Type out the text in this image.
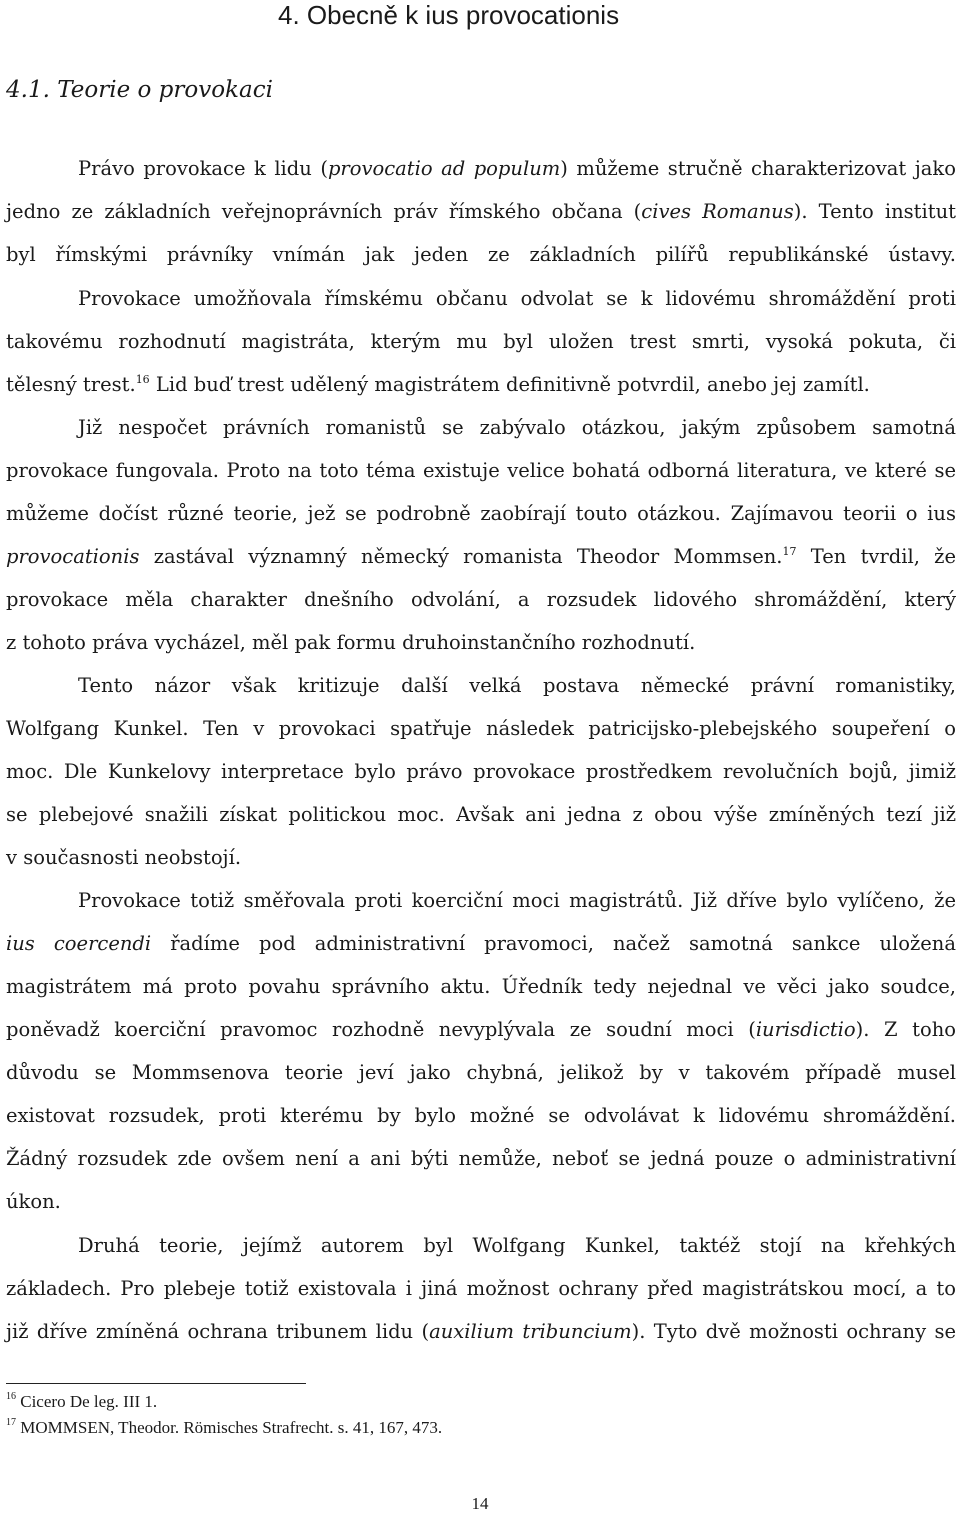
4. Obecně k ius provocationis
4.1. Teorie o provokaci
Právo provokace k lidu (provocatio ad populum) můžeme stručně charakterizovat jako
jedno ze základních veřejnoprávních práv římského občana (cives Romanus). Tento institut
byl římskými právníky vnímán jak jeden ze základních pilířů republikánské ústavy.
Provokace umožňovala římskému občanu odvolat se k lidovému shromáždění proti
takovému rozhodnutí magistráta, kterým mu byl uložen trest smrti, vysoká pokuta, či
tělesný trest.$^{16}$ Lid buď trest udělený magistrátem definitivně potvrdil, anebo jej zamítl.
Již nespočet právních romanistů se zabývalo otázkou, jakým způsobem samotná
provokace fungovala. Proto na toto téma existuje velice bohatá odborná literatura, ve které se
můžeme dočíst různé teorie, jež se podrobně zaobírají touto otázkou. Zajímavou teorii o ius
provocationis zastával významný německý romanista Theodor Mommsen.$^{17}$ Ten tvrdil, že
provokace měla charakter dnešního odvolání, a rozsudek lidového shromáždění, který
z tohoto práva vycházel, měl pak formu druhoinstančního rozhodnutí.
Tento názor však kritizuje další velká postava německé právní romanistiky,
Wolfgang Kunkel. Ten v provokaci spatřuje následek patricijsko-plebejského soupeření o
moc. Dle Kunkelovy interpretace bylo právo provokace prostředkem revolučních bojů, jimiž
se plebejové snažili získat politickou moc. Avšak ani jedna z obou výše zmíněných tezí již
v současnosti neobstojí.
Provokace totiž směřovala proti koerciční moci magistrátů. Již dříve bylo vylíčeno, že
ius coercendi řadíme pod administrativní pravomoci, načež samotná sankce uložená
magistrátem má proto povahu správního aktu. Úředník tedy nejednal ve věci jako soudce,
poněvadž koerciční pravomoc rozhodně nevyplývala ze soudní moci (iurisdictio). Z toho
důvodu se Mommsenova teorie jeví jako chybná, jelikož by v takovém případě musel
existovat rozsudek, proti kterému by bylo možné se odvolávat k lidovému shromáždění.
Žádný rozsudek zde ovšem není a ani býti nemůže, neboť se jedná pouze o administrativní
úkon.
Druhá teorie, jejímž autorem byl Wolfgang Kunkel, taktéž stojí na křehkých
základech. Pro plebeje totiž existovala i jiná možnost ochrany před magistrátskou mocí, a to
již dříve zmíněná ochrana tribunem lidu (auxilium tribuncium). Tyto dvě možnosti ochrany se
$^{16}$ Cicero De leg. III 1.
$^{17}$ MOMMSEN, Theodor. Römisches Strafrecht. s. 41, 167, 473.
14
